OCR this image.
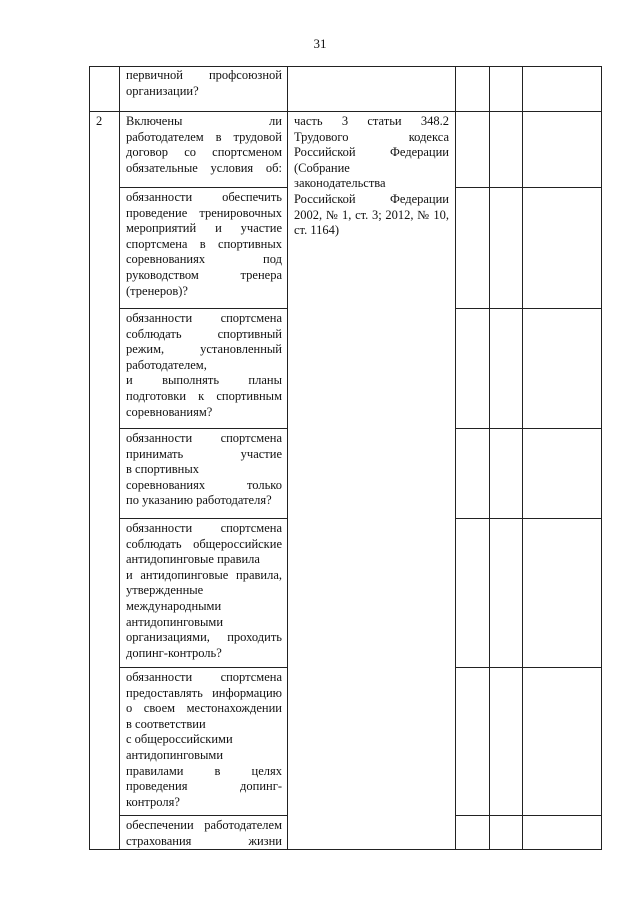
31
первичной профсоюзной
организации?
2 Включены ли
работодателем в трудовой
договор со спортсменом
обязательные условия об:
часть 3 статьи 348.2
Трудового кодекса
Российской Федерации
(Собрание
законодательства
Российской Федерации
2002, № 1, ст. 3; 2012, № 10,
ст. 1164)
обязанности обеспечить
проведение тренировочных
мероприятий и участие
спортсмена в спортивных
соревнованиях под
руководством тренера
(тренеров)?
обязанности спортсмена
соблюдать спортивный
режим, установленный
работодателем,
и выполнять планы
подготовки к спортивным
соревнованиям?
обязанности спортсмена
принимать участие
в спортивных
соревнованиях только
по указанию работодателя?
обязанности спортсмена
соблюдать общероссийские
антидопинговые правила
и антидопинговые правила,
утвержденные
международными
антидопинговыми
организациями, проходить
допинг-контроль?
обязанности спортсмена
предоставлять информацию
о своем местонахождении
в соответствии
с общероссийскими
антидопинговыми
правилами в целях
проведения допинг-
контроля?
обеспечении работодателем
страхования жизни
